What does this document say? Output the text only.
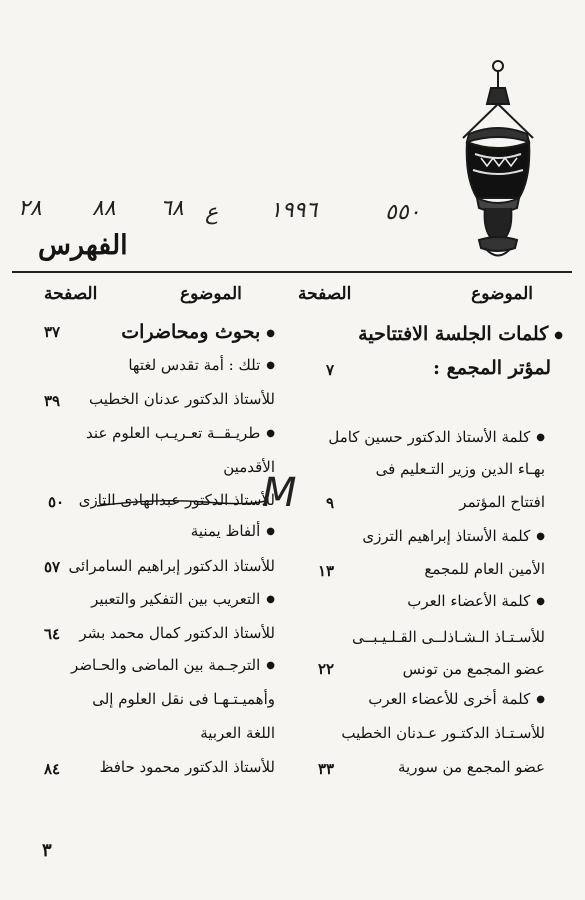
٢٨ ٨٨ ٦٨ ع ١٩٩٦	٥٥٠
الفهرس
الموضوع
الصفحة
الموضوع
الصفحة
● كلمات الجلسة الافتتاحية
لمؤتر المجمع :
● كلمة الأستاذ الدكتور حسين كامل
بهـاء الدين وزير التـعليم فى
افتتاح المؤتمر
● كلمة الأستاذ إبراهيم الترزى
الأمين العام للمجمع
● كلمة الأعضاء العرب
للأسـتـاذ الـشـاذلــى القـلـيـبــى
عضو المجمع من تونس
● كلمة أخرى للأعضاء العرب
للأسـتـاذ الدكتـور عـدنان الخطيب
عضو المجمع من سورية
٧
٩
١٣
٢٢
٣٣
● بحوث ومحاضرات
● تلك : أمة تقدس لغتها
للأستاذ الدكتور عدنان الخطيب
● طريـقــة تعـريـب العلوم عند
الأقدمين
للأستاذ الدكتور عبدالهادى التازى
● ألفاظ يمنية
للأستاذ الدكتور إبراهيم السامرائى
● التعريب بين التفكير والتعبير
للأستاذ الدكتور كمال محمد بشر
● الترجـمة بين الماضى والحـاضر
وأهميـتـهـا فى نقل العلوم إلى
اللغة العربية
للأستاذ الدكتور محمود حافظ
M
٣٧
٣٩
٥٠
٥٧
٦٤
٨٤
٣
